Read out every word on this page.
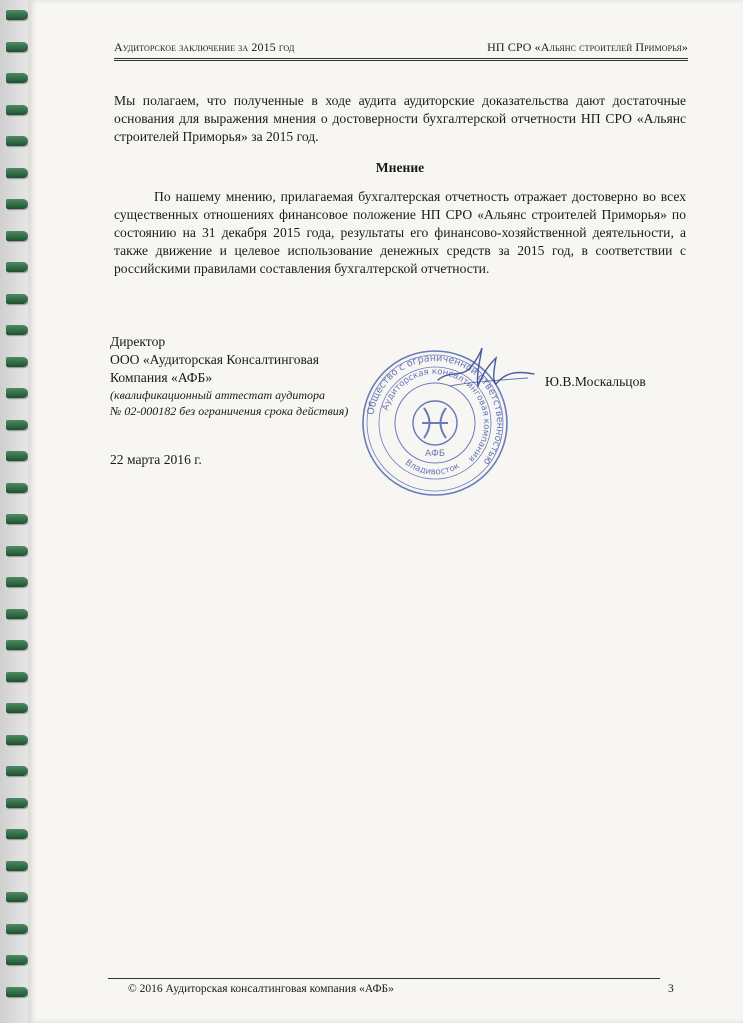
Аудиторское заключение за 2015 год	НП СРО «Альянс строителей Приморья»
Мы полагаем, что полученные в ходе аудита аудиторские доказательства дают достаточные основания для выражения мнения о достоверности бухгалтерской отчетности НП СРО «Альянс строителей Приморья» за 2015 год.
Мнение
По нашему мнению, прилагаемая бухгалтерская отчетность отражает достоверно во всех существенных отношениях финансовое положение НП СРО «Альянс строителей Приморья» по состоянию на 31 декабря 2015 года, результаты его финансово-хозяйственной деятельности, а также движение и целевое использование денежных средств за 2015 год, в соответствии с российскими правилами составления бухгалтерской отчетности.
Директор
ООО «Аудиторская Консалтинговая
Компания «АФБ»
(квалификационный аттестат аудитора
№ 02-000182 без ограничения срока действия) Общество с ограниченной ответственностью
Аудиторская консалтинговая компания
АФБ
Владивосток
Ю.В.Москальцов
22 марта 2016 г.
© 2016 Аудиторская консалтинговая компания «АФБ»	3
